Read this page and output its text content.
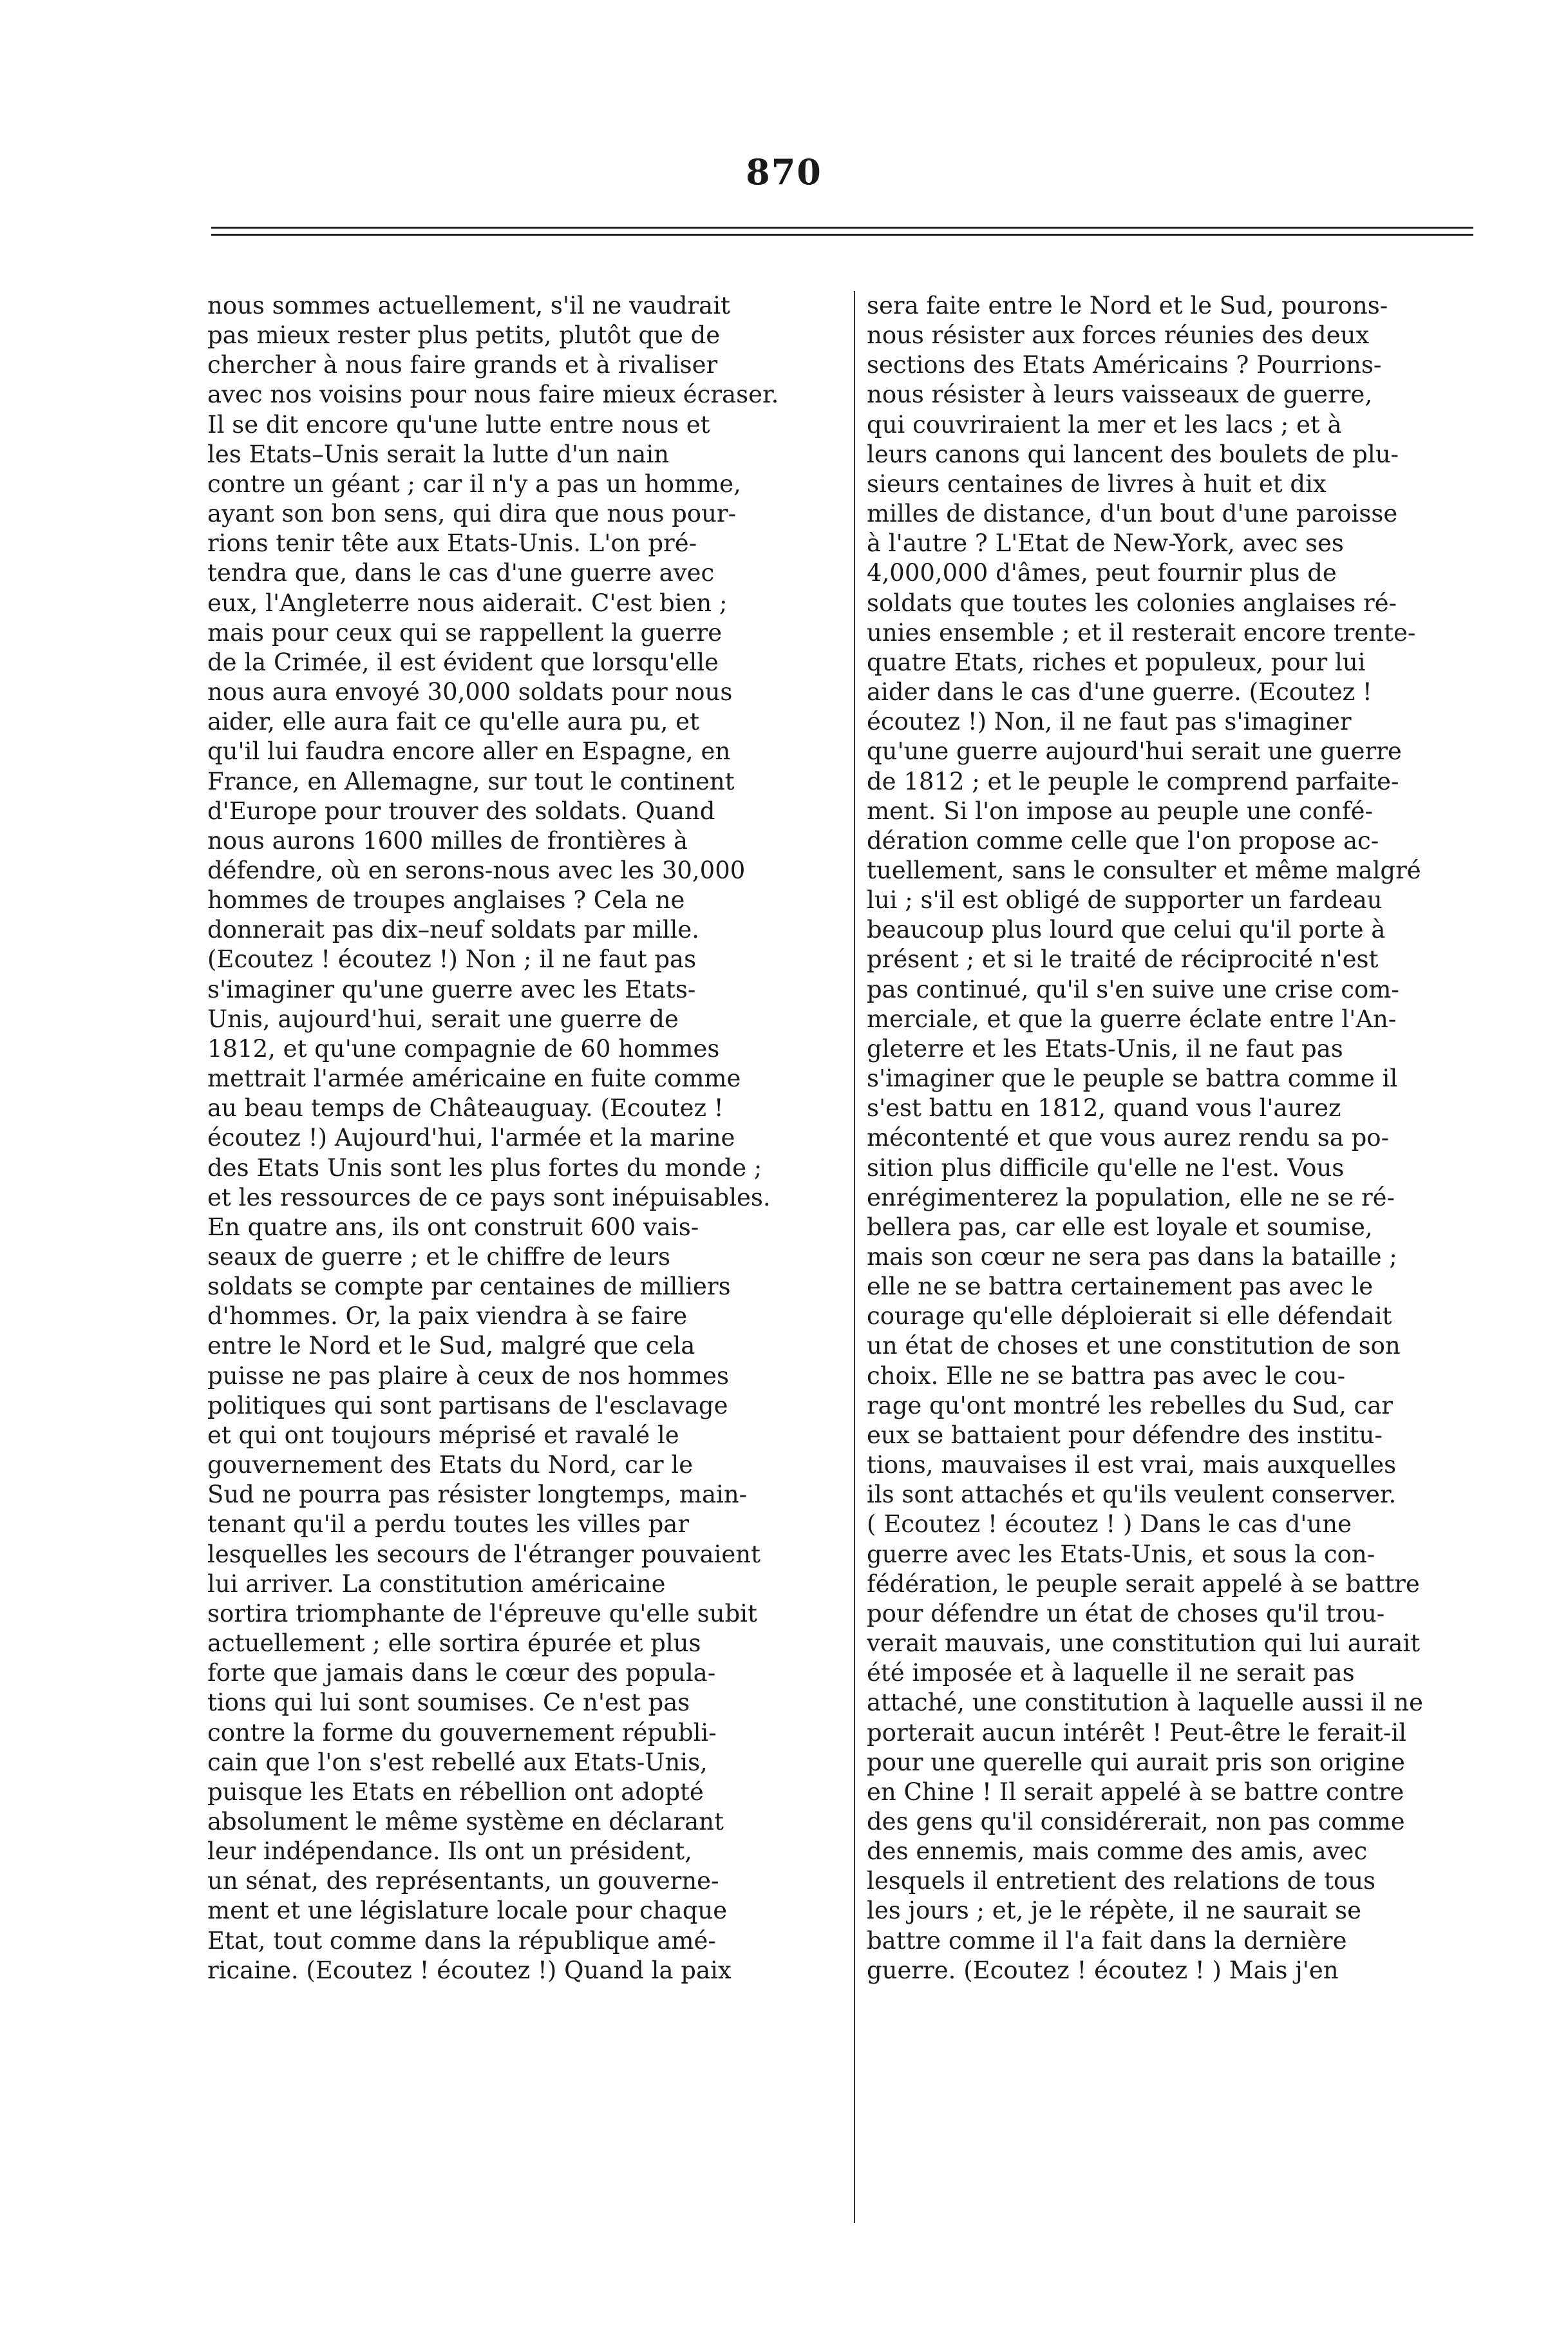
870
nous sommes actuellement, s'il ne vaudrait
pas mieux rester plus petits, plutôt que de
chercher à nous faire grands et à rivaliser
avec nos voisins pour nous faire mieux écraser.
Il se dit encore qu'une lutte entre nous et
les Etats–Unis serait la lutte d'un nain
contre un géant ; car il n'y a pas un homme,
ayant son bon sens, qui dira que nous pour-
rions tenir tête aux Etats-Unis. L'on pré-
tendra que, dans le cas d'une guerre avec
eux, l'Angleterre nous aiderait. C'est bien ;
mais pour ceux qui se rappellent la guerre
de la Crimée, il est évident que lorsqu'elle
nous aura envoyé 30,000 soldats pour nous
aider, elle aura fait ce qu'elle aura pu, et
qu'il lui faudra encore aller en Espagne, en
France, en Allemagne, sur tout le continent
d'Europe pour trouver des soldats. Quand
nous aurons 1600 milles de frontières à
défendre, où en serons-nous avec les 30,000
hommes de troupes anglaises ? Cela ne
donnerait pas dix–neuf soldats par mille.
(Ecoutez ! écoutez !) Non ; il ne faut pas
s'imaginer qu'une guerre avec les Etats-
Unis, aujourd'hui, serait une guerre de
1812, et qu'une compagnie de 60 hommes
mettrait l'armée américaine en fuite comme
au beau temps de Châteauguay. (Ecoutez !
écoutez !) Aujourd'hui, l'armée et la marine
des Etats Unis sont les plus fortes du monde ;
et les ressources de ce pays sont inépuisables.
En quatre ans, ils ont construit 600 vais-
seaux de guerre ; et le chiffre de leurs
soldats se compte par centaines de milliers
d'hommes. Or, la paix viendra à se faire
entre le Nord et le Sud, malgré que cela
puisse ne pas plaire à ceux de nos hommes
politiques qui sont partisans de l'esclavage
et qui ont toujours méprisé et ravalé le
gouvernement des Etats du Nord, car le
Sud ne pourra pas résister longtemps, main-
tenant qu'il a perdu toutes les villes par
lesquelles les secours de l'étranger pouvaient
lui arriver. La constitution américaine
sortira triomphante de l'épreuve qu'elle subit
actuellement ; elle sortira épurée et plus
forte que jamais dans le cœur des popula-
tions qui lui sont soumises. Ce n'est pas
contre la forme du gouvernement républi-
cain que l'on s'est rebellé aux Etats-Unis,
puisque les Etats en rébellion ont adopté
absolument le même système en déclarant
leur indépendance. Ils ont un président,
un sénat, des représentants, un gouverne-
ment et une législature locale pour chaque
Etat, tout comme dans la république amé-
ricaine. (Ecoutez ! écoutez !) Quand la paix
sera faite entre le Nord et le Sud, pourons-
nous résister aux forces réunies des deux
sections des Etats Américains ? Pourrions-
nous résister à leurs vaisseaux de guerre,
qui couvriraient la mer et les lacs ; et à
leurs canons qui lancent des boulets de plu-
sieurs centaines de livres à huit et dix
milles de distance, d'un bout d'une paroisse
à l'autre ? L'Etat de New-York, avec ses
4,000,000 d'âmes, peut fournir plus de
soldats que toutes les colonies anglaises ré-
unies ensemble ; et il resterait encore trente-
quatre Etats, riches et populeux, pour lui
aider dans le cas d'une guerre. (Ecoutez !
écoutez !) Non, il ne faut pas s'imaginer
qu'une guerre aujourd'hui serait une guerre
de 1812 ; et le peuple le comprend parfaite-
ment. Si l'on impose au peuple une confé-
dération comme celle que l'on propose ac-
tuellement, sans le consulter et même malgré
lui ; s'il est obligé de supporter un fardeau
beaucoup plus lourd que celui qu'il porte à
présent ; et si le traité de réciprocité n'est
pas continué, qu'il s'en suive une crise com-
merciale, et que la guerre éclate entre l'An-
gleterre et les Etats-Unis, il ne faut pas
s'imaginer que le peuple se battra comme il
s'est battu en 1812, quand vous l'aurez
mécontenté et que vous aurez rendu sa po-
sition plus difficile qu'elle ne l'est. Vous
enrégimenterez la population, elle ne se ré-
bellera pas, car elle est loyale et soumise,
mais son cœur ne sera pas dans la bataille ;
elle ne se battra certainement pas avec le
courage qu'elle déploierait si elle défendait
un état de choses et une constitution de son
choix. Elle ne se battra pas avec le cou-
rage qu'ont montré les rebelles du Sud, car
eux se battaient pour défendre des institu-
tions, mauvaises il est vrai, mais auxquelles
ils sont attachés et qu'ils veulent conserver.
( Ecoutez ! écoutez ! ) Dans le cas d'une
guerre avec les Etats-Unis, et sous la con-
fédération, le peuple serait appelé à se battre
pour défendre un état de choses qu'il trou-
verait mauvais, une constitution qui lui aurait
été imposée et à laquelle il ne serait pas
attaché, une constitution à laquelle aussi il ne
porterait aucun intérêt ! Peut-être le ferait-il
pour une querelle qui aurait pris son origine
en Chine ! Il serait appelé à se battre contre
des gens qu'il considérerait, non pas comme
des ennemis, mais comme des amis, avec
lesquels il entretient des relations de tous
les jours ; et, je le répète, il ne saurait se
battre comme il l'a fait dans la dernière
guerre. (Ecoutez ! écoutez ! ) Mais j'en
